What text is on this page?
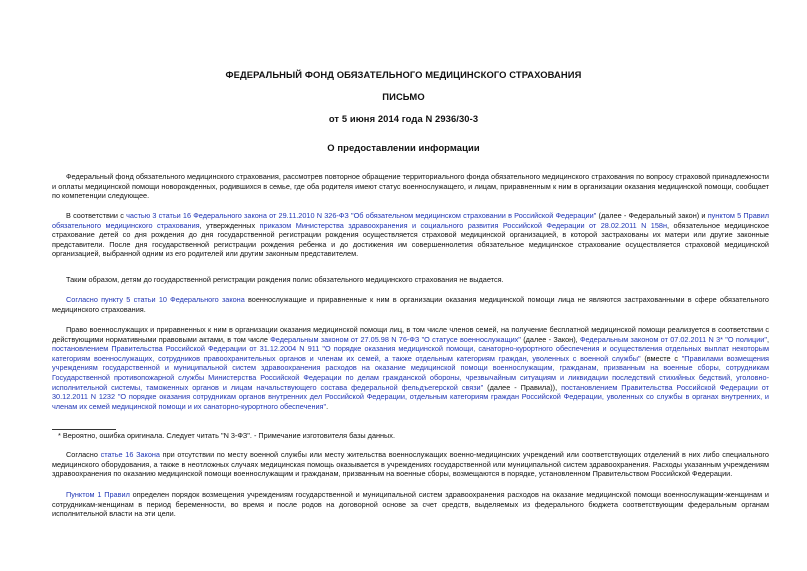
ФЕДЕРАЛЬНЫЙ ФОНД ОБЯЗАТЕЛЬНОГО МЕДИЦИНСКОГО СТРАХОВАНИЯ
ПИСЬМО
от 5 июня 2014 года N 2936/30-3
О предоставлении информации

Федеральный фонд обязательного медицинского страхования, рассмотрев повторное обращение территориального фонда обязательного медицинского страхования по вопросу страховой принадлежности и оплаты медицинской помощи новорожденных, родившихся в семье, где оба родителя имеют статус военнослужащего, и лицам, приравненным к ним в организации оказания медицинской помощи, сообщает по компетенции следующее.

В соответствии с частью 3 статьи 16 Федерального закона от 29.11.2010 N 326-ФЗ "Об обязательном медицинском страховании в Российской Федерации" (далее - Федеральный закон) и пунктом 5 Правил обязательного медицинского страхования, утвержденных приказом Министерства здравоохранения и социального развития Российской Федерации от 28.02.2011 N 158н, обязательное медицинское страхование детей со дня рождения до дня государственной регистрации рождения осуществляется страховой медицинской организацией, в которой застрахованы их матери или другие законные представители. После дня государственной регистрации рождения ребенка и до достижения им совершеннолетия обязательное медицинское страхование осуществляется страховой медицинской организацией, выбранной одним из его родителей или другим законным представителем.

Таким образом, детям до государственной регистрации рождения полис обязательного медицинского страхования не выдается.

Согласно пункту 5 статьи 10 Федерального закона военнослужащие и приравненные к ним в организации оказания медицинской помощи лица не являются застрахованными в сфере обязательного медицинского страхования.

Право военнослужащих и приравненных к ним в организации оказания медицинской помощи лиц, в том числе членов семей, на получение бесплатной медицинской помощи реализуется в соответствии с действующими нормативными правовыми актами, в том числе Федеральным законом от 27.05.98 N 76-ФЗ "О статусе военнослужащих" (далее - Закон), Федеральным законом от 07.02.2011 N 3* "О полиции", постановлением Правительства Российской Федерации от 31.12.2004 N 911 "О порядке оказания медицинской помощи, санаторно-курортного обеспечения и осуществления отдельных выплат некоторым категориям военнослужащих, сотрудников правоохранительных органов и членам их семей, а также отдельным категориям граждан, уволенных с военной службы" (вместе с "Правилами возмещения учреждениям государственной и муниципальной систем здравоохранения расходов на оказание медицинской помощи военнослужащим, гражданам, призванным на военные сборы, сотрудникам Государственной противопожарной службы Министерства Российской Федерации по делам гражданской обороны, чрезвычайным ситуациям и ликвидации последствий стихийных бедствий, уголовно-исполнительной системы, таможенных органов и лицам начальствующего состава федеральной фельдъегерской связи" (далее - Правила)), постановлением Правительства Российской Федерации от 30.12.2011 N 1232 "О порядке оказания сотрудникам органов внутренних дел Российской Федерации, отдельным категориям граждан Российской Федерации, уволенных со службы в органах внутренних, и членам их семей медицинской помощи и их санаторно-курортного обеспечения".

* Вероятно, ошибка оригинала. Следует читать "N 3-ФЗ". - Примечание изготовителя базы данных.

Согласно статье 16 Закона при отсутствии по месту военной службы или месту жительства военнослужащих военно-медицинских учреждений или соответствующих отделений в них либо специального медицинского оборудования, а также в неотложных случаях медицинская помощь оказывается в учреждениях государственной или муниципальной систем здравоохранения. Расходы указанным учреждениям здравоохранения по оказанию медицинской помощи военнослужащим и гражданам, призванным на военные сборы, возмещаются в порядке, установленном Правительством Российской Федерации.

Пунктом 1 Правил определен порядок возмещения учреждениям государственной и муниципальной систем здравоохранения расходов на оказание медицинской помощи военнослужащим-женщинам и сотрудникам-женщинам в период беременности, во время и после родов на договорной основе за счет средств, выделяемых из федерального бюджета соответствующим федеральным органам исполнительной власти на эти цели.
